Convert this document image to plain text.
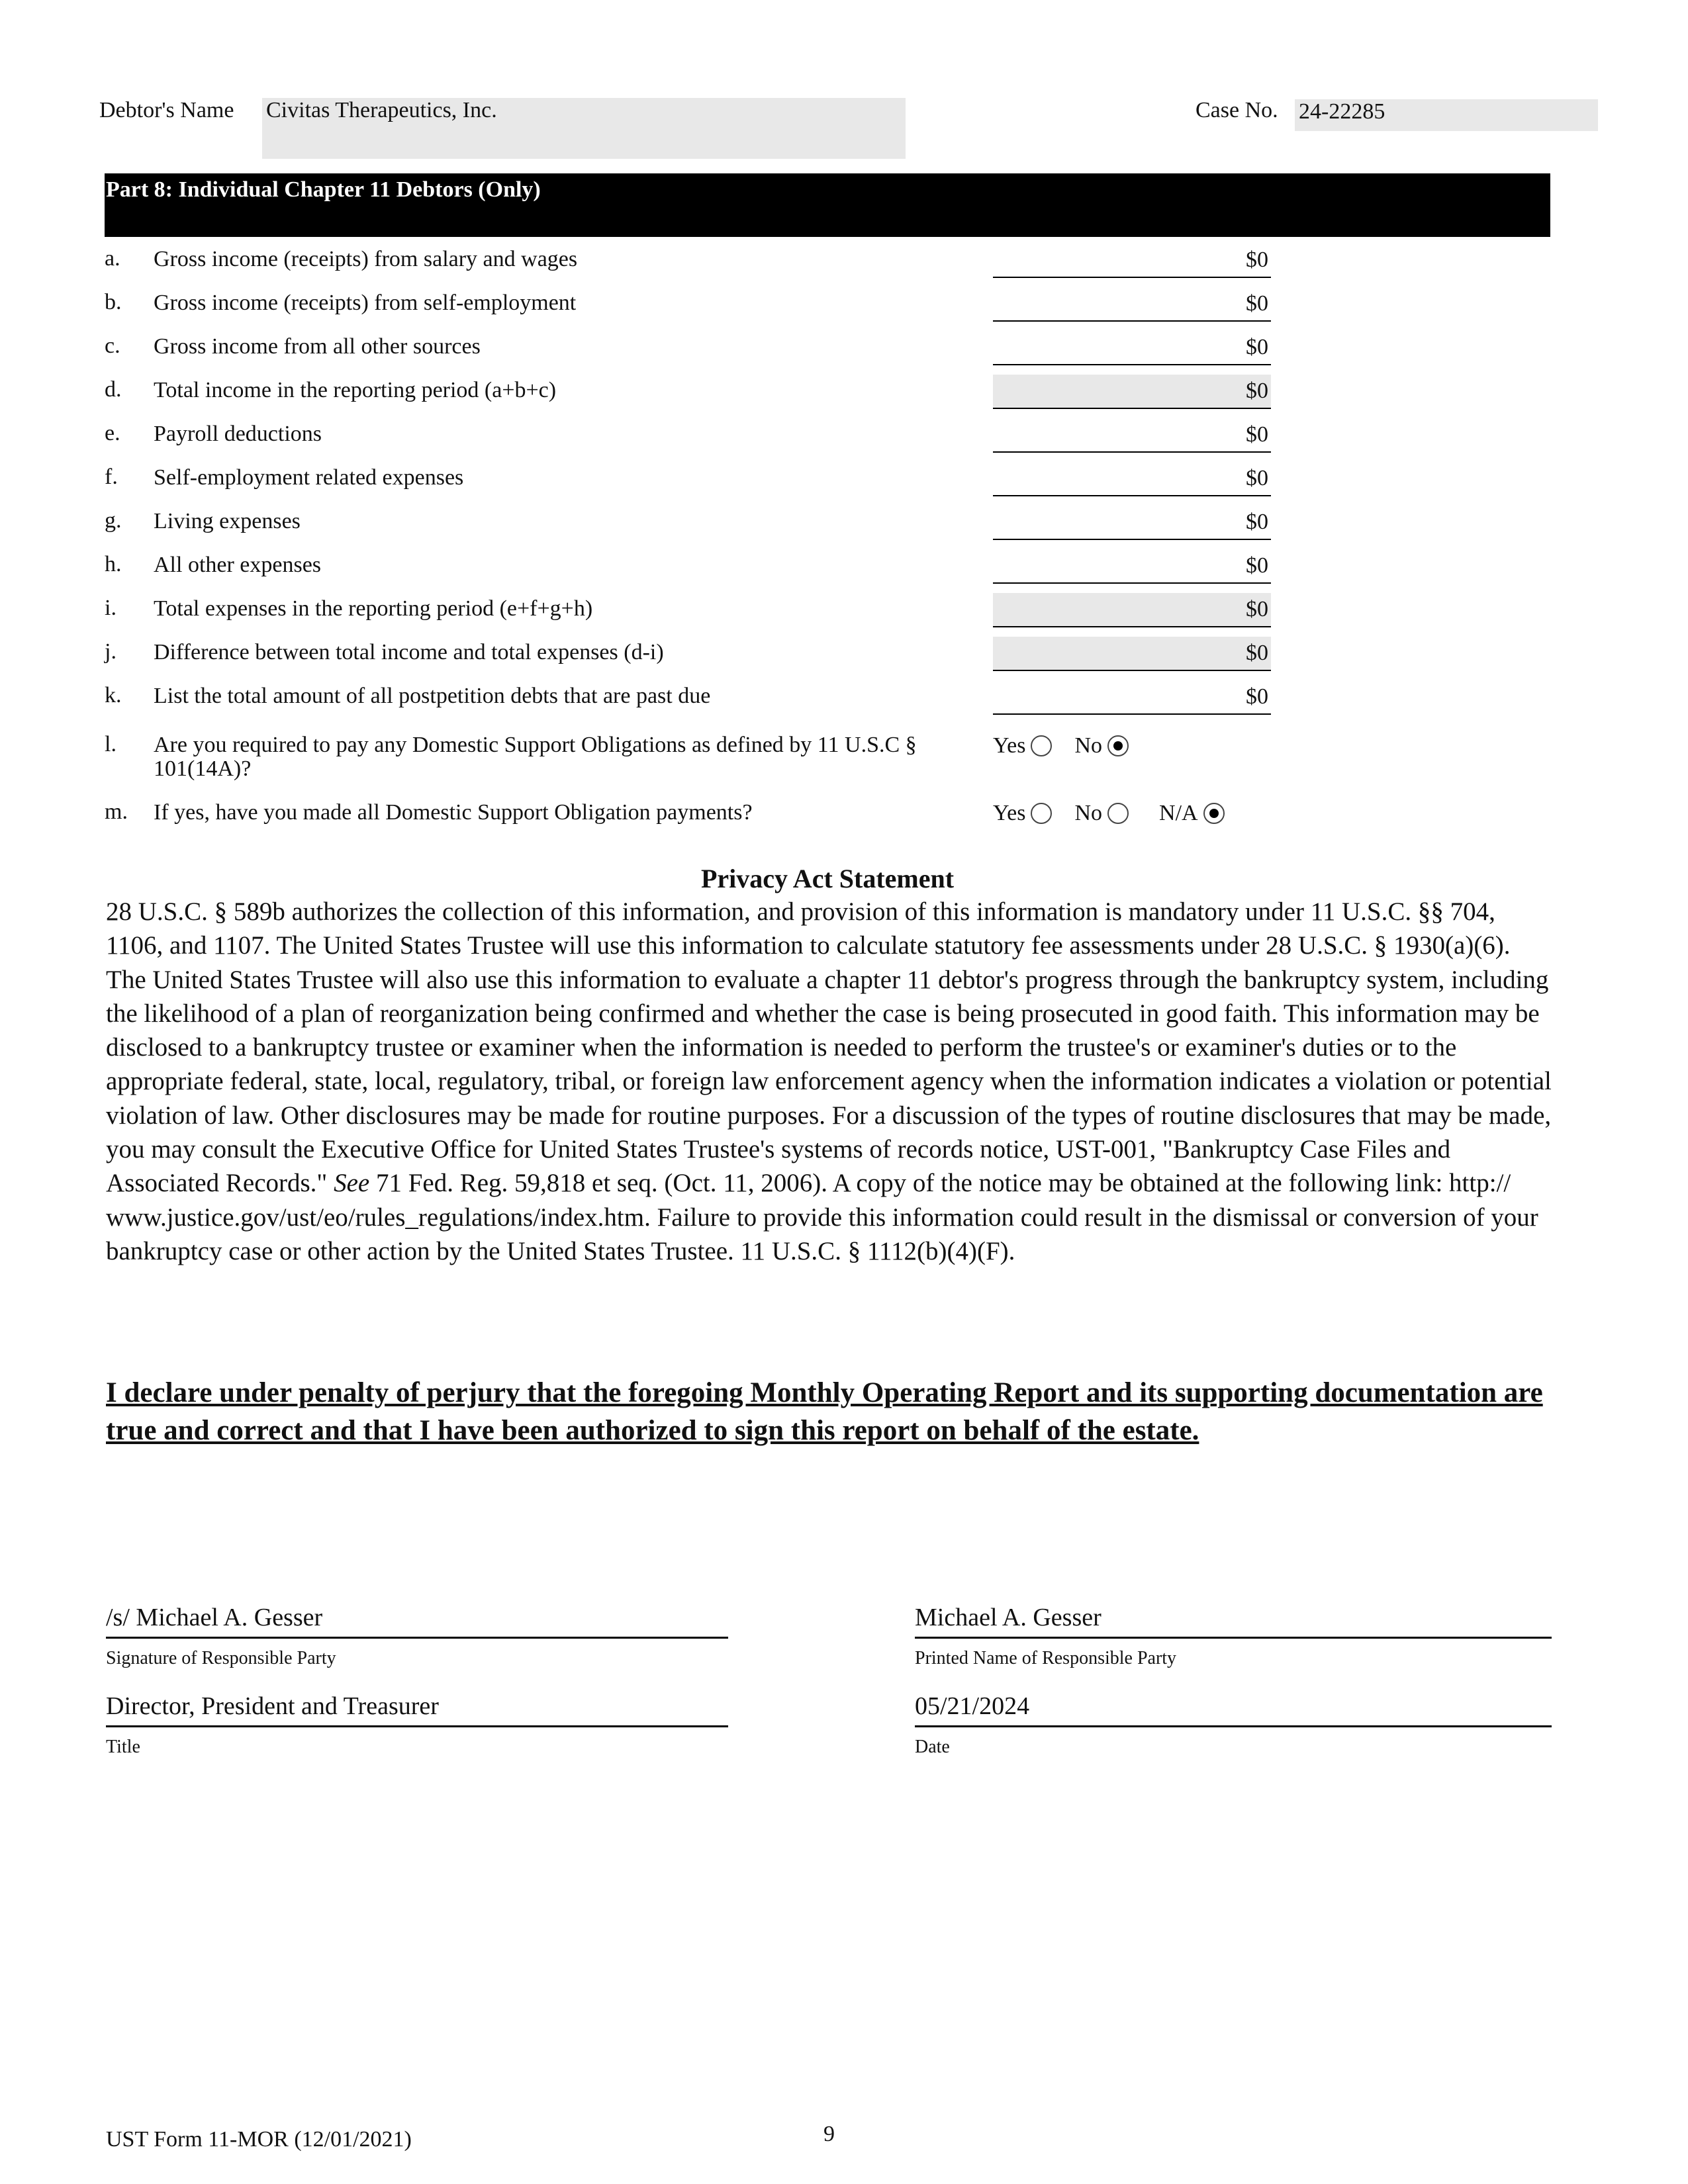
Debtor's Name Civitas Therapeutics, Inc.	Case No. 24-22285
Part 8: Individual Chapter 11 Debtors (Only)
a. Gross income (receipts) from salary and wages	$0
b. Gross income (receipts) from self-employment	$0
c. Gross income from all other sources	$0
d. Total income in the reporting period (a+b+c)	$0
e. Payroll deductions	$0
f. Self-employment related expenses	$0
g. Living expenses	$0
h. All other expenses	$0
i. Total expenses in the reporting period (e+f+g+h)	$0
j. Difference between total income and total expenses (d-i)	$0
k. List the total amount of all postpetition debts that are past due	$0
l. Are you required to pay any Domestic Support Obligations as defined by 11 U.S.C § 101(14A)?
Yes No
m. If yes, have you made all Domestic Support Obligation payments?	Yes No	N/A
Privacy Act Statement
28 U.S.C. § 589b authorizes the collection of this information, and provision of this information is mandatory under 11 U.S.C. §§ 704, 1106, and 1107. The United States Trustee will use this information to calculate statutory fee assessments under 28 U.S.C. § 1930(a)(6). The United States Trustee will also use this information to evaluate a chapter 11 debtor's progress through the bankruptcy system, including the likelihood of a plan of reorganization being confirmed and whether the case is being prosecuted in good faith. This information may be disclosed to a bankruptcy trustee or examiner when the information is needed to perform the trustee's or examiner's duties or to the appropriate federal, state, local, regulatory, tribal, or foreign law enforcement agency when the information indicates a violation or potential violation of law. Other disclosures may be made for routine purposes. For a discussion of the types of routine disclosures that may be made, you may consult the Executive Office for United States Trustee's systems of records notice, UST-001, "Bankruptcy Case Files and Associated Records." See 71 Fed. Reg. 59,818 et seq. (Oct. 11, 2006). A copy of the notice may be obtained at the following link: http:// www.justice.gov/ust/eo/rules_regulations/index.htm. Failure to provide this information could result in the dismissal or conversion of your bankruptcy case or other action by the United States Trustee. 11 U.S.C. § 1112(b)(4)(F).
I declare under penalty of perjury that the foregoing Monthly Operating Report and its supporting documentation are true and correct and that I have been authorized to sign this report on behalf of the estate.
/s/ Michael A. Gesser
Signature of Responsible Party
Michael A. Gesser
Printed Name of Responsible Party
Director, President and Treasurer
Title
05/21/2024
Date
UST Form 11-MOR (12/01/2021)	9
